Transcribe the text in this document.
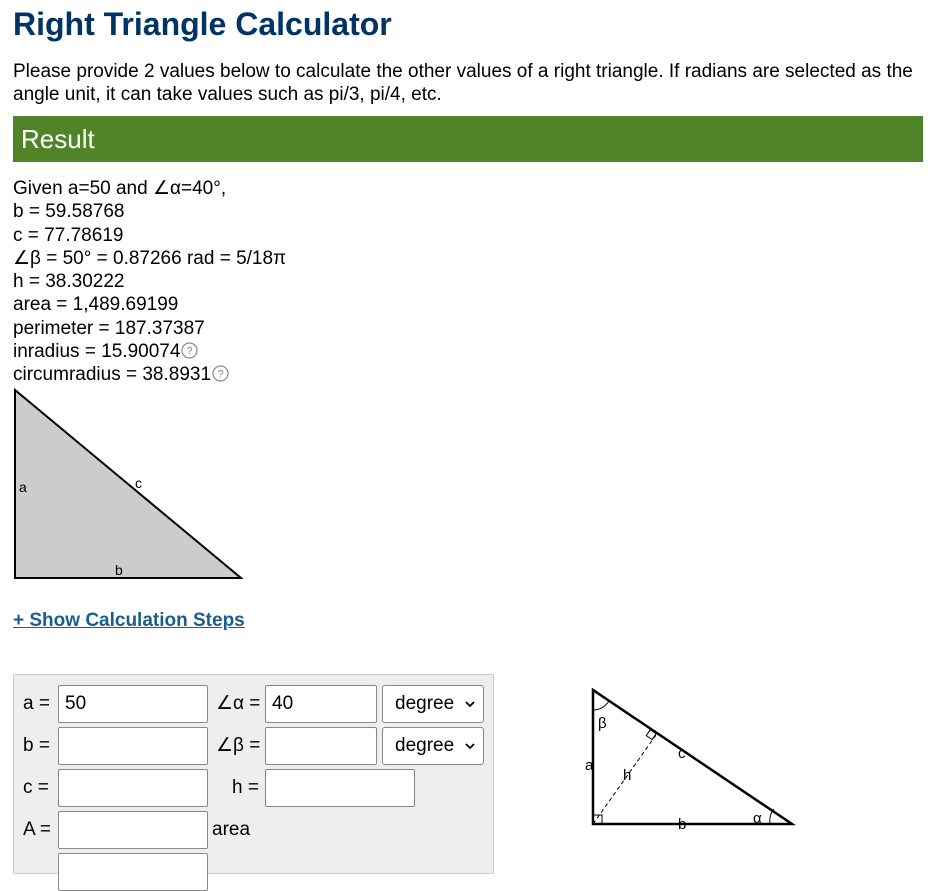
Right Triangle Calculator

Please provide 2 values below to calculate the other values of a right triangle. If radians are selected as the angle unit, it can take values such as pi/3, pi/4, etc.

Result
Given a=50 and ∠α=40°,
b = 59.58768
c = 77.78619
∠β = 50° = 0.87266 rad = 5/18π
h = 38.30222
area = 1,489.69199
perimeter = 187.37387
inradius = 15.90074 ?
circumradius = 38.8931 ?
a	c
b
+ Show Calculation Steps
a = 50	∠α = 40	degree
b =	∠β =	degree
c =	h =
A =	area
β
a
h
c
b	α
